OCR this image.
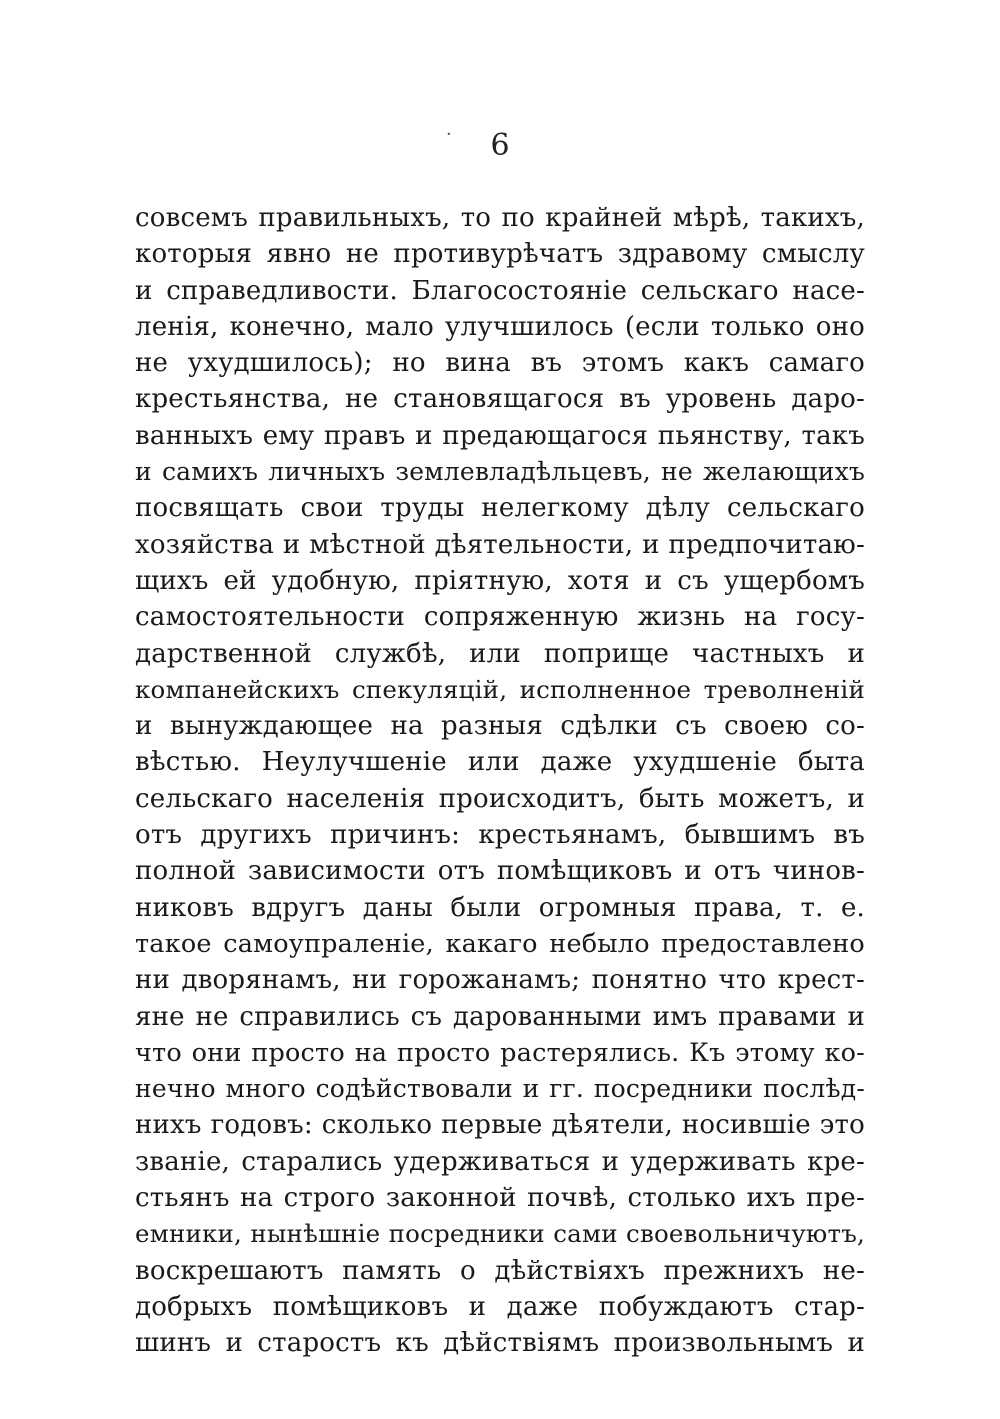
·	6
совсемъ правильныхъ, то по крайней мѣрѣ, такихъ,
которыя явно не противурѣчатъ здравому смыслу
и справедливости. Благосостояніе сельскаго насе-
ленія, конечно, мало улучшилось (если только оно
не ухудшилось); но вина въ этомъ какъ самаго
крестьянства, не становящагося въ уровень даро-
ванныхъ ему правъ и предающагося пьянству, такъ
и самихъ личныхъ землевладѣльцевъ, не желающихъ
посвящать свои труды нелегкому дѣлу сельскаго
хозяйства и мѣстной дѣятельности, и предпочитаю-
щихъ ей удобную, пріятную, хотя и съ ущербомъ
самостоятельности сопряженную жизнь на госу-
дарственной службѣ, или поприще частныхъ и
компанейскихъ спекуляцій, исполненное треволненій
и вынуждающее на разныя сдѣлки съ своею со-
вѣстью. Неулучшеніе или даже ухудшеніе быта
сельскаго населенія происходитъ, быть можетъ, и
отъ другихъ причинъ: крестьянамъ, бывшимъ въ
полной зависимости отъ помѣщиковъ и отъ чинов-
никовъ вдругъ даны были огромныя права, т. е.
такое самоупраленіе, какаго небыло предоставлено
ни дворянамъ, ни горожанамъ; понятно что крест-
яне не справились съ дарованными имъ правами и
что они просто на просто растерялись. Къ этому ко-
нечно много содѣйствовали и гг. посредники послѣд-
нихъ годовъ: сколько первые дѣятели, носившіе это
званіе, старались удерживаться и удерживать кре-
стьянъ на строго законной почвѣ, столько ихъ пре-
емники, нынѣшніе посредники сами своевольничуютъ,
воскрешаютъ память о дѣйствіяхъ прежнихъ не-
добрыхъ помѣщиковъ и даже побуждаютъ стар-
шинъ и старостъ къ дѣйствіямъ произвольнымъ и
